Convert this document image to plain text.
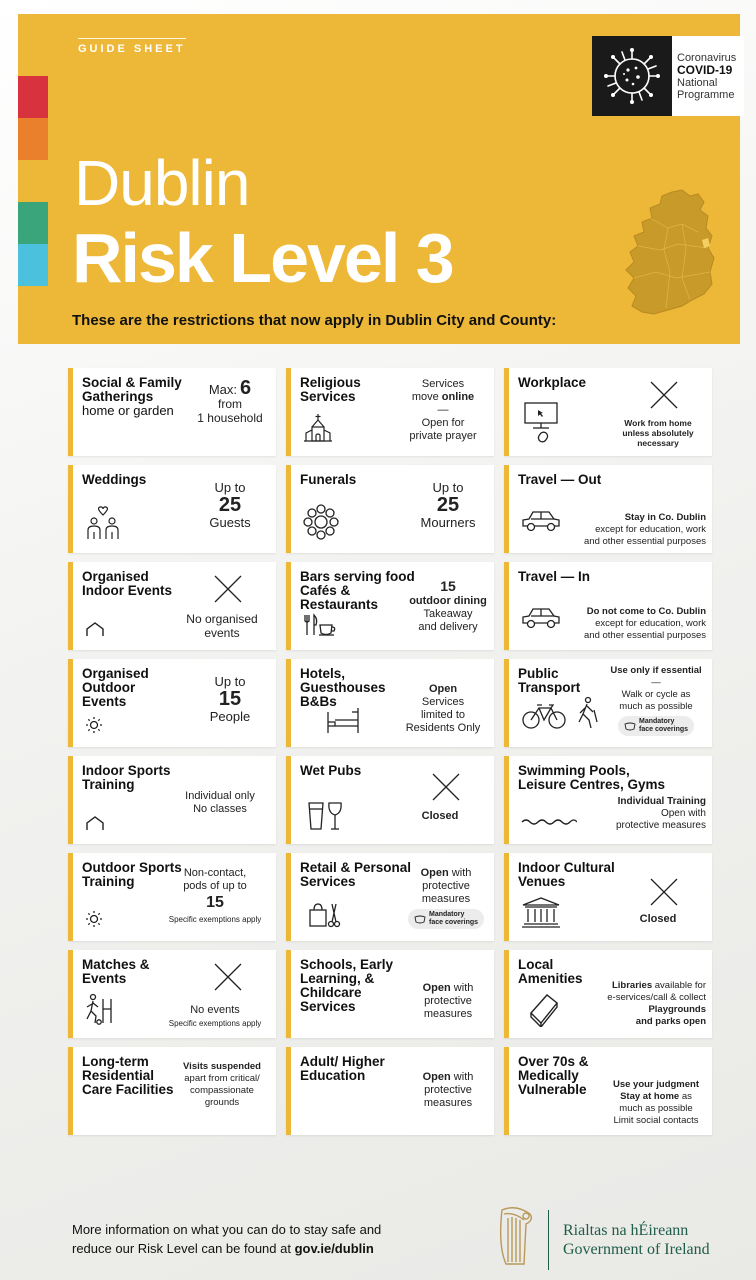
GUIDE SHEET
Coronavirus
COVID-19
National
Programme
Dublin
Risk Level 3
These are the restrictions that now apply in Dublin City and County:
Social & Family Gatherings
home or garden
Max: 6
from
1 household
Religious Services
Services
move online
—
Open for
private prayer
Workplace
Work from home
unless absolutely
necessary
Weddings
Up to
25
Guests
Funerals
Up to
25
Mourners
Travel — Out
Stay in Co. Dublin
except for education, work
and other essential purposes
Organised Indoor Events
No organised
events
Bars serving food Cafés & Restaurants
15
outdoor dining
Takeaway
and delivery
Travel — In
Do not come to Co. Dublin
except for education, work
and other essential purposes
Organised Outdoor Events
Up to
15
People
Hotels, Guesthouses B&Bs
Open
Services
limited to
Residents Only
Public Transport
Use only if essential
—
Walk or cycle as
much as possible

Mandatory
face coverings
Indoor Sports Training
Individual only
No classes
Wet Pubs
Closed
Swimming Pools, Leisure Centres, Gyms
Individual Training
Open with
protective measures
Outdoor Sports Training
Non-contact,
pods of up to
15
Specific exemptions apply
Retail & Personal Services
Open with
protective
measures

Mandatory
face coverings
Indoor Cultural Venues
Closed
Matches & Events
No events
Specific exemptions apply
Schools, Early Learning, & Childcare Services
Open with
protective
measures
Local Amenities	Libraries available for
e-services/call & collect
Playgrounds
and parks open
Long-term Residential Care Facilities
Visits suspended
apart from critical/
compassionate
grounds
Adult/ Higher Education	Open with
protective
measures
Over 70s & Medically Vulnerable	Use your judgment
Stay at home as
much as possible
Limit social contacts
More information on what you can do to stay safe and
reduce our Risk Level can be found at gov.ie/dublin
Rialtas na hÉireann
Government of Ireland
